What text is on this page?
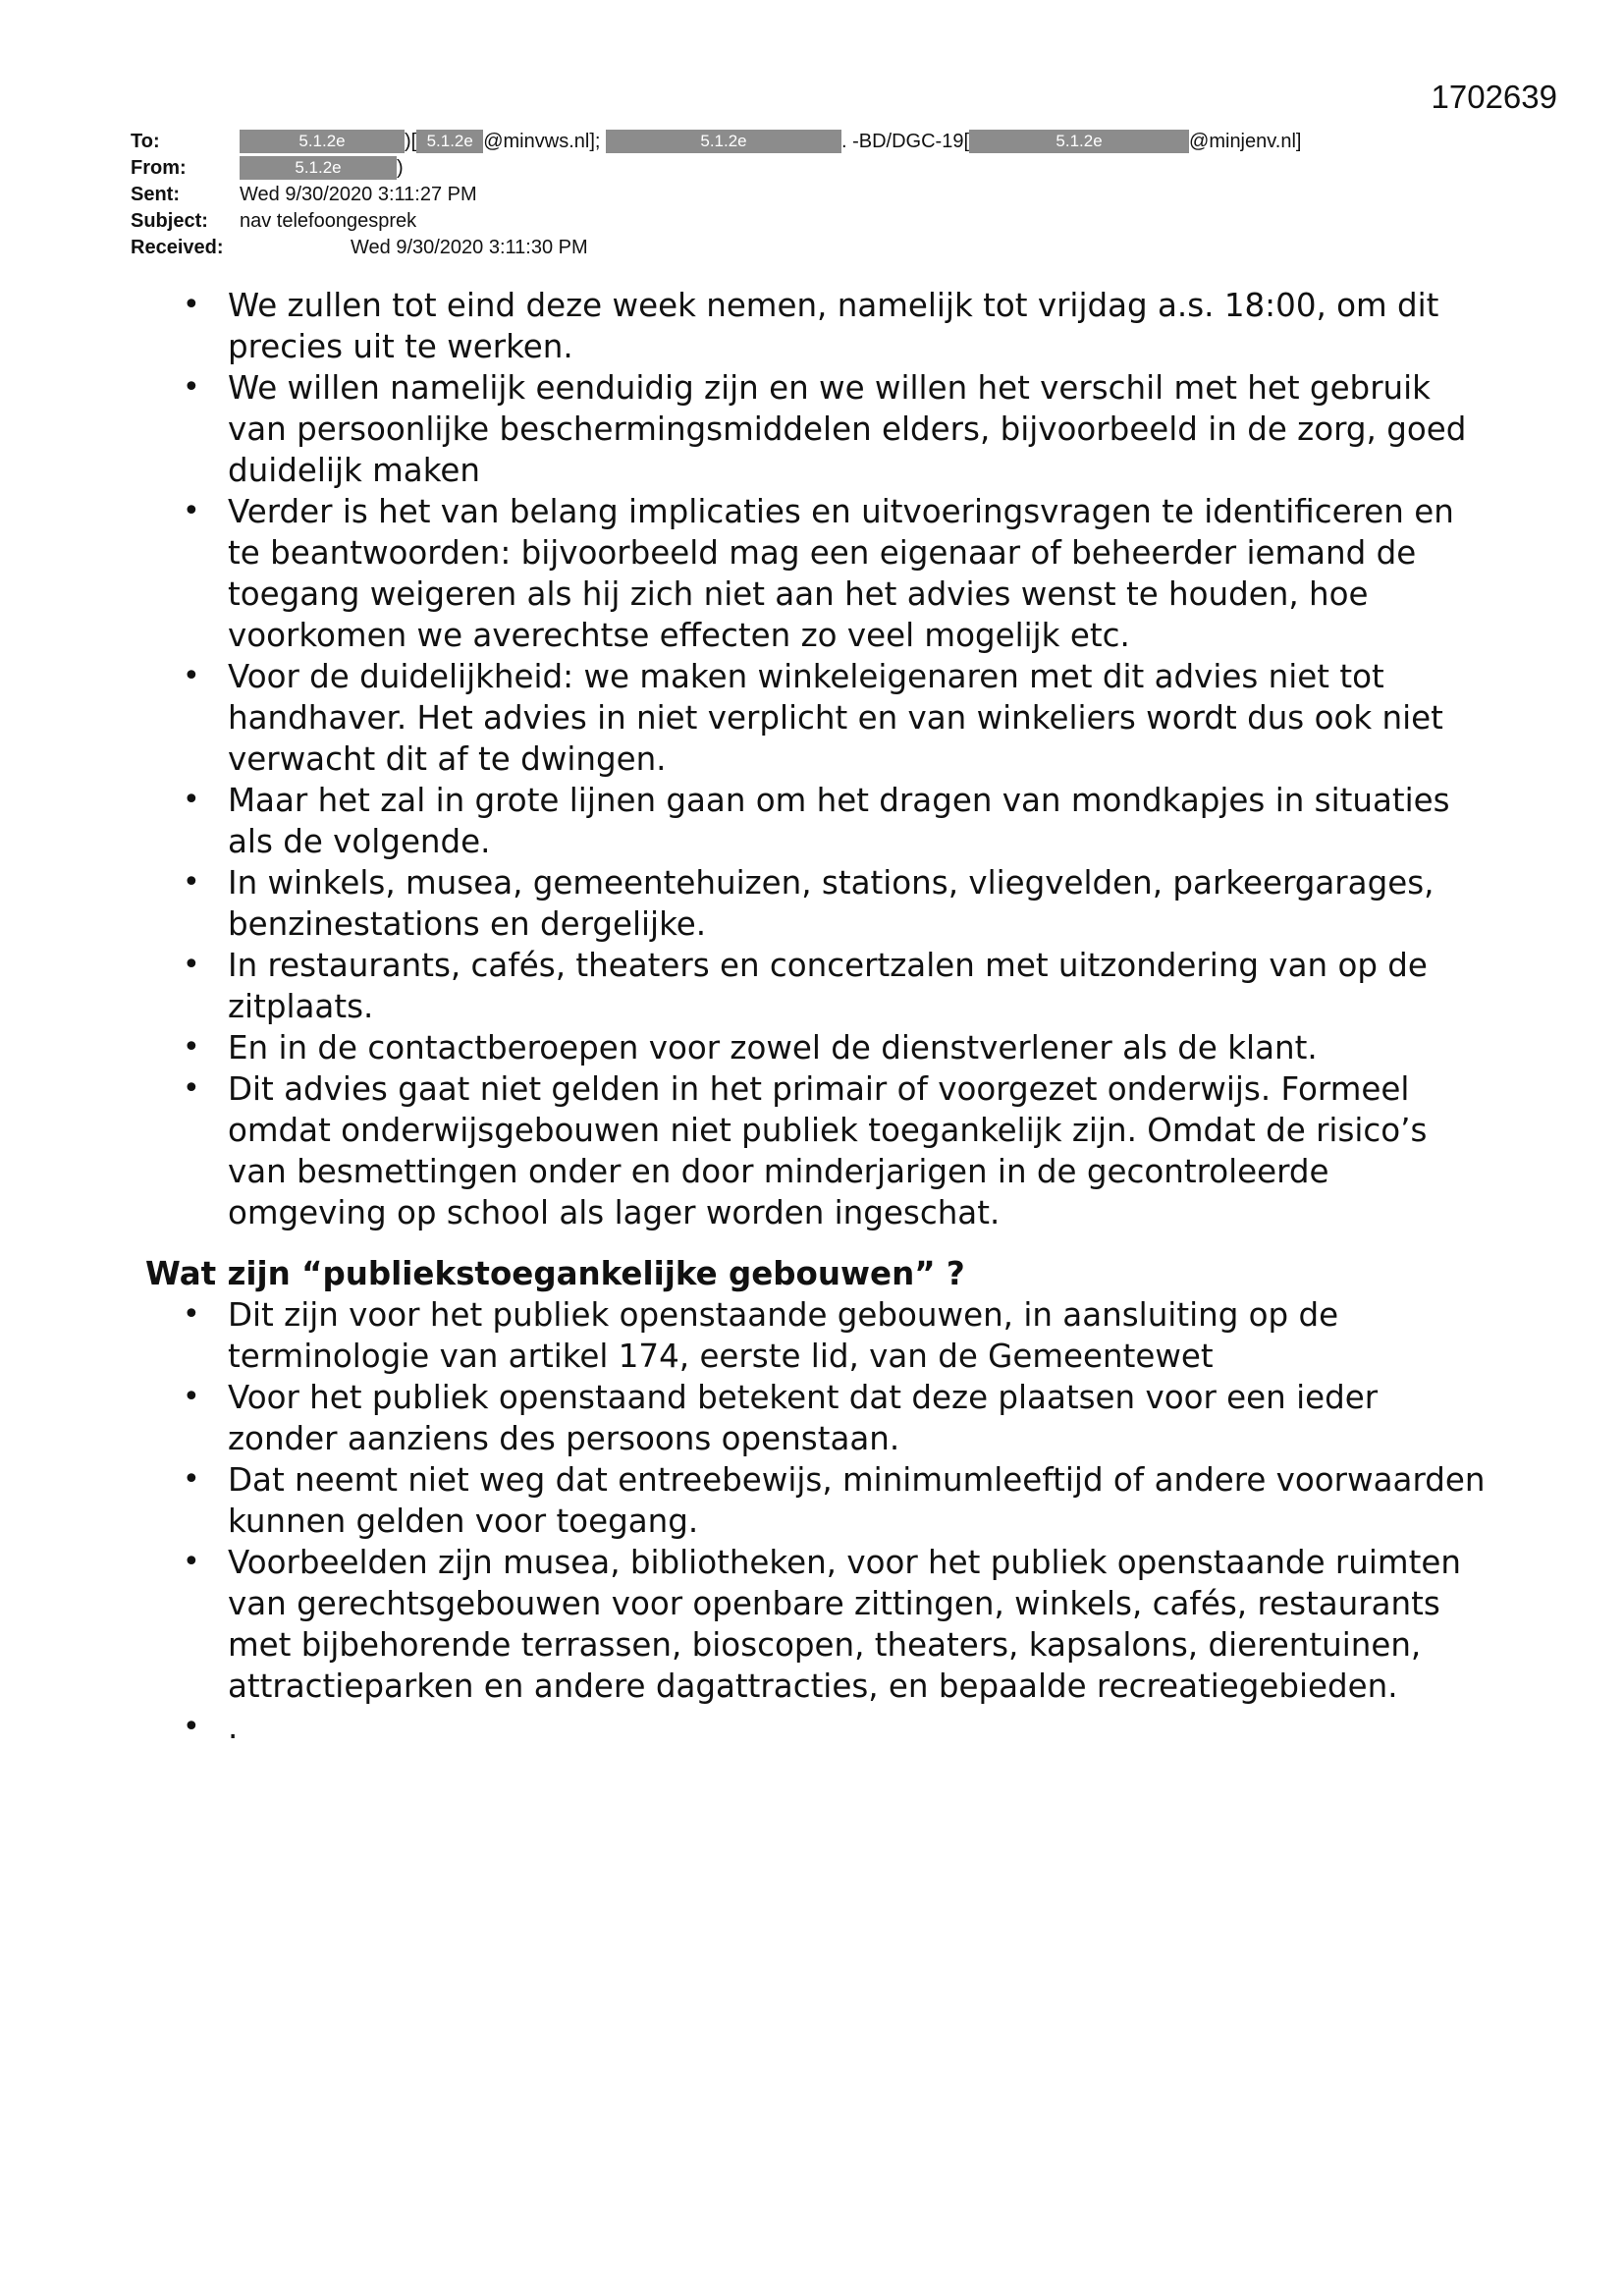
1702639
To:	5.1.2e	)[ 5.1.2e @minvws.nl];	5.1.2e	. -BD/DGC-19[	5.1.2e	@minjenv.nl]
From:	5.1.2e	)
Sent:	Wed 9/30/2020 3:11:27 PM
Subject: nav telefoongesprek
Received:	Wed 9/30/2020 3:11:30 PM
• We zullen tot eind deze week nemen, namelijk tot vrijdag a.s. 18:00, om dit precies uit te werken.
• We willen namelijk eenduidig zijn en we willen het verschil met het gebruik van persoonlijke beschermingsmiddelen elders, bijvoorbeeld in de zorg, goed duidelijk maken
• Verder is het van belang implicaties en uitvoeringsvragen te identificeren en te beantwoorden: bijvoorbeeld mag een eigenaar of beheerder iemand de toegang weigeren als hij zich niet aan het advies wenst te houden, hoe voorkomen we averechtse effecten zo veel mogelijk etc.
• Voor de duidelijkheid: we maken winkeleigenaren met dit advies niet tot handhaver. Het advies in niet verplicht en van winkeliers wordt dus ook niet verwacht dit af te dwingen.
• Maar het zal in grote lijnen gaan om het dragen van mondkapjes in situaties als de volgende.
• In winkels, musea, gemeentehuizen, stations, vliegvelden, parkeergarages, benzinestations en dergelijke.
• In restaurants, cafés, theaters en concertzalen met uitzondering van op de zitplaats.
• En in de contactberoepen voor zowel de dienstverlener als de klant.
• Dit advies gaat niet gelden in het primair of voorgezet onderwijs. Formeel omdat onderwijsgebouwen niet publiek toegankelijk zijn. Omdat de risico’s van besmettingen onder en door minderjarigen in de gecontroleerde omgeving op school als lager worden ingeschat.
Wat zijn “publiekstoegankelijke gebouwen” ?
• Dit zijn voor het publiek openstaande gebouwen, in aansluiting op de terminologie van artikel 174, eerste lid, van de Gemeentewet
• Voor het publiek openstaand betekent dat deze plaatsen voor een ieder zonder aanziens des persoons openstaan.
• Dat neemt niet weg dat entreebewijs, minimumleeftijd of andere voorwaarden kunnen gelden voor toegang.
• Voorbeelden zijn musea, bibliotheken, voor het publiek openstaande ruimten van gerechtsgebouwen voor openbare zittingen, winkels, cafés, restaurants met bijbehorende terrassen, bioscopen, theaters, kapsalons, dierentuinen, attractieparken en andere dagattracties, en bepaalde recreatiegebieden.
• .
